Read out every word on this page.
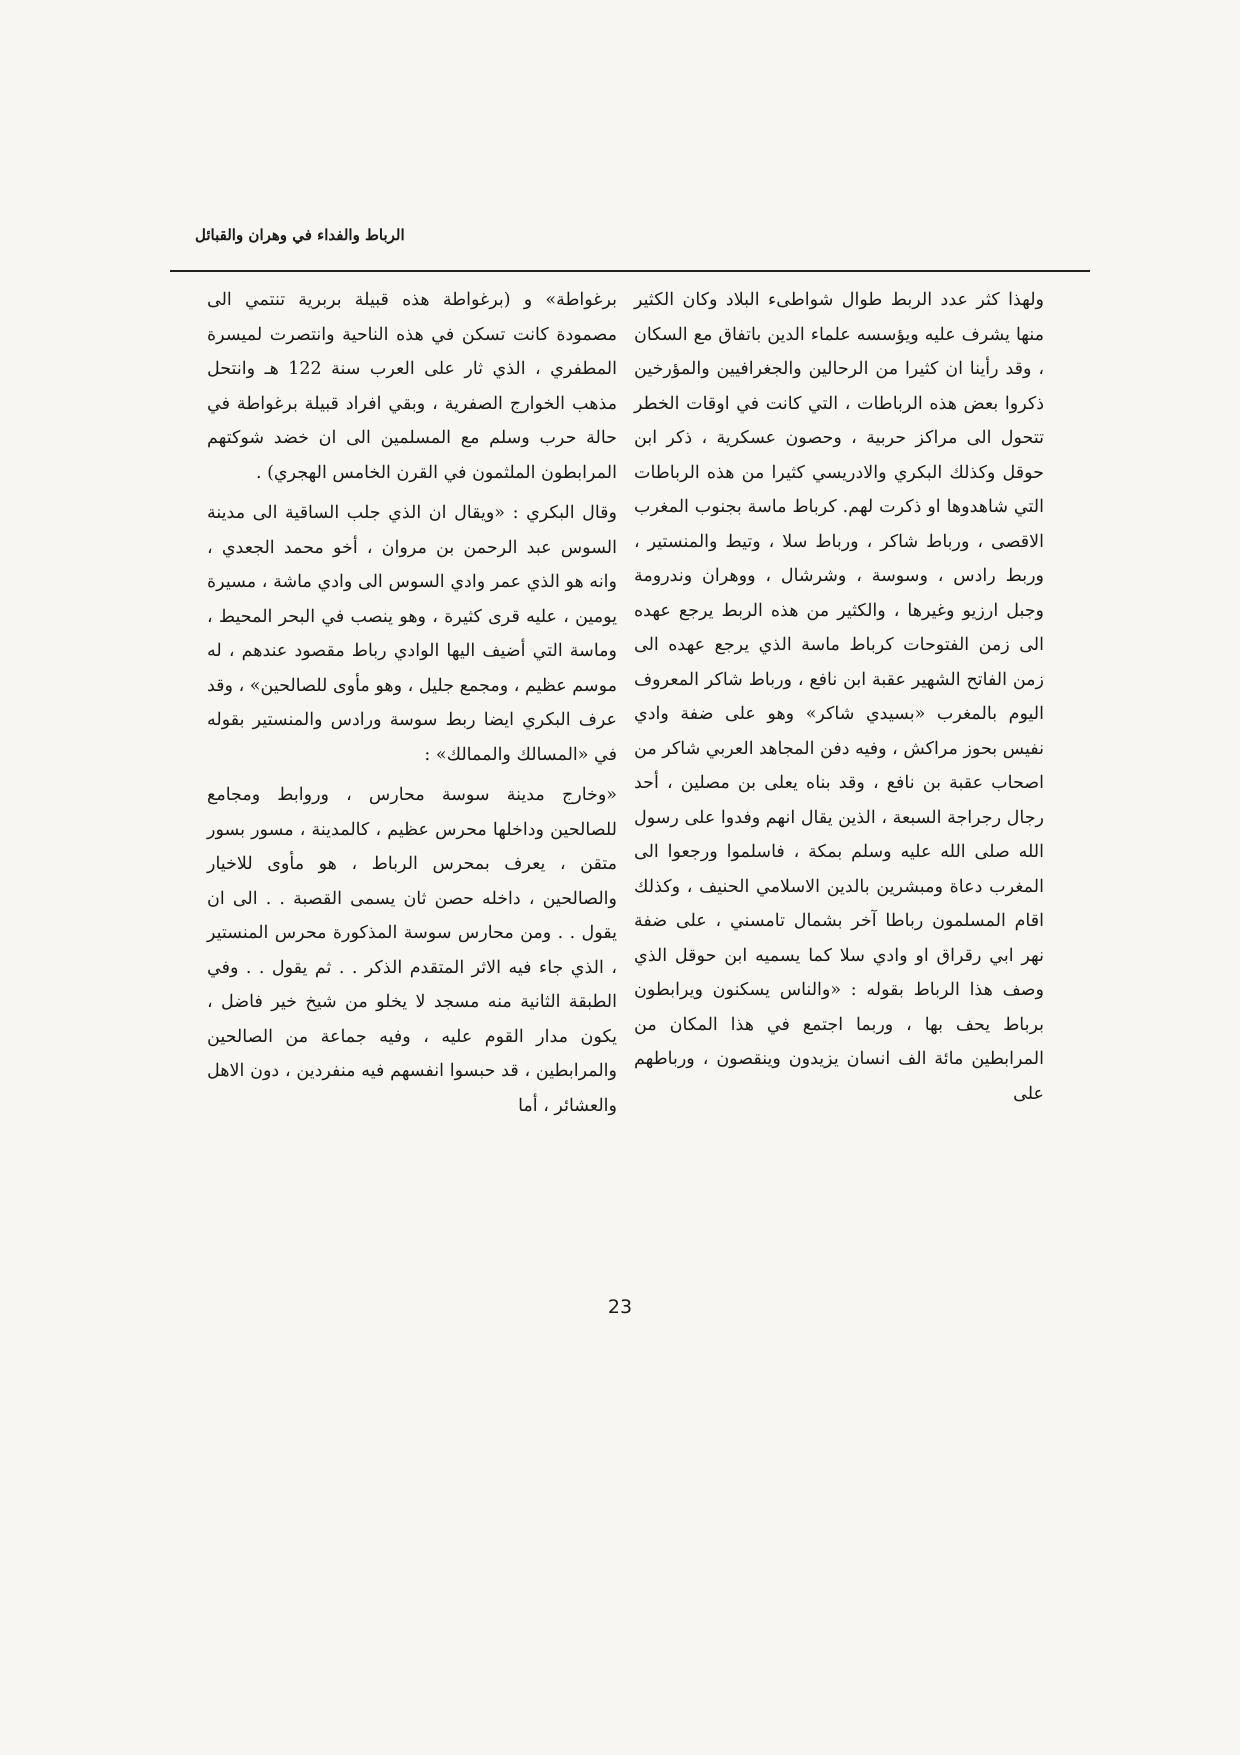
الرباط والفداء في وهران والقبائل

ولهذا كثر عدد الربط طوال شواطىء البلاد وكان الكثير منها يشرف عليه ويؤسسه علماء الدين باتفاق مع السكان ، وقد رأينا ان كثيرا من الرحالين والجغرافيين والمؤرخين ذكروا بعض هذه الرباطات ، التي كانت في اوقات الخطر تتحول الى مراكز حربية ، وحصون عسكرية ، ذكر ابن حوقل وكذلك البكري والادريسي كثيرا من هذه الرباطات التي شاهدوها او ذكرت لهم. كرباط ماسة بجنوب المغرب الاقصى ، ورباط شاكر ، ورباط سلا ، وتيط والمنستير ، وربط رادس ، وسوسة ، وشرشال ، ووهران وندرومة وجبل ارزيو وغيرها ، والكثير من هذه الربط يرجع عهده الى زمن الفتوحات كرباط ماسة الذي يرجع عهده الى زمن الفاتح الشهير عقبة ابن نافع ، ورباط شاكر المعروف اليوم بالمغرب «بسيدي شاكر» وهو على ضفة وادي نفيس بحوز مراكش ، وفيه دفن المجاهد العربي شاكر من اصحاب عقبة بن نافع ، وقد بناه يعلى بن مصلين ، أحد رجال رجراجة السبعة ، الذين يقال انهم وفدوا على رسول الله صلى الله عليه وسلم بمكة ، فاسلموا ورجعوا الى المغرب دعاة ومبشرين بالدين الاسلامي الحنيف ، وكذلك اقام المسلمون رباطا آخر بشمال تامسني ، على ضفة نهر ابي رقراق او وادي سلا كما يسميه ابن حوقل الذي وصف هذا الرباط بقوله : «والناس يسكنون ويرابطون برباط يحف بها ، وربما اجتمع في هذا المكان من المرابطين مائة الف انسان يزيدون وينقصون ، ورباطهم على

برغواطة» و (برغواطة هذه قبيلة بربرية تنتمي الى مصمودة كانت تسكن في هذه الناحية وانتصرت لميسرة المطفري ، الذي ثار على العرب سنة 122 هـ وانتحل مذهب الخوارج الصفرية ، وبقي افراد قبيلة برغواطة في حالة حرب وسلم مع المسلمين الى ان خضد شوكتهم المرابطون الملثمون في القرن الخامس الهجري) .

وقال البكري : «ويقال ان الذي جلب الساقية الى مدينة السوس عبد الرحمن بن مروان ، أخو محمد الجعدي ، وانه هو الذي عمر وادي السوس الى وادي ماشة ، مسيرة يومين ، عليه قرى كثيرة ، وهو ينصب في البحر المحيط ، وماسة التي أضيف اليها الوادي رباط مقصود عندهم ، له موسم عظيم ، ومجمع جليل ، وهو مأوى للصالحين» ، وقد عرف البكري ايضا ربط سوسة ورادس والمنستير بقوله في «المسالك والممالك» :

«وخارج مدينة سوسة محارس ، وروابط ومجامع للصالحين وداخلها محرس عظيم ، كالمدينة ، مسور بسور متقن ، يعرف بمحرس الرباط ، هو مأوى للاخيار والصالحين ، داخله حصن ثان يسمى القصبة . . الى ان يقول . . ومن محارس سوسة المذكورة محرس المنستير ، الذي جاء فيه الاثر المتقدم الذكر . . ثم يقول . . وفي الطبقة الثانية منه مسجد لا يخلو من شيخ خير فاضل ، يكون مدار القوم عليه ، وفيه جماعة من الصالحين والمرابطين ، قد حبسوا انفسهم فيه منفردين ، دون الاهل والعشائر ، أما

23
